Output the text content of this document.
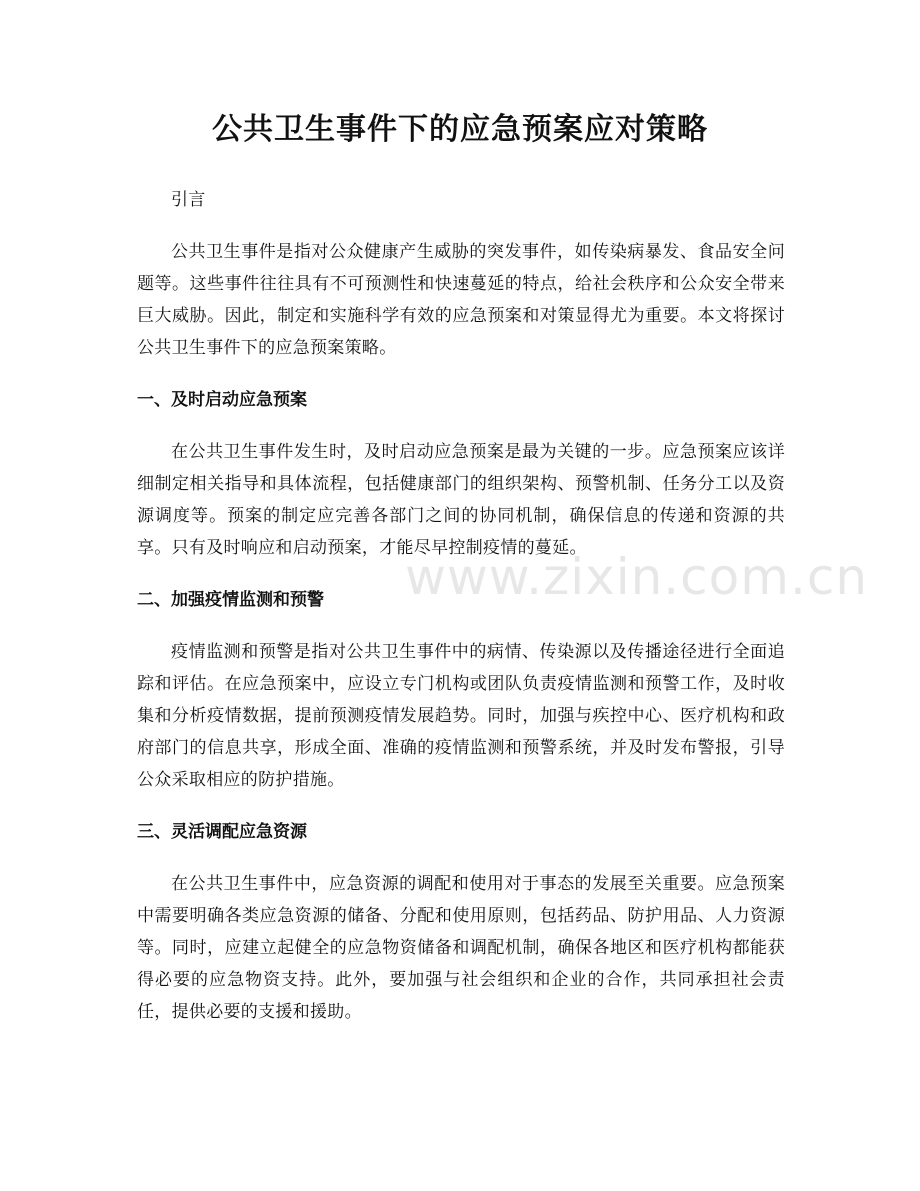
公共卫生事件下的应急预案应对策略

引言

公共卫生事件是指对公众健康产生威胁的突发事件，如传染病暴发、食品安全问题等。这些事件往往具有不可预测性和快速蔓延的特点，给社会秩序和公众安全带来巨大威胁。因此，制定和实施科学有效的应急预案和对策显得尤为重要。本文将探讨公共卫生事件下的应急预案策略。

一、及时启动应急预案

在公共卫生事件发生时，及时启动应急预案是最为关键的一步。应急预案应该详细制定相关指导和具体流程，包括健康部门的组织架构、预警机制、任务分工以及资源调度等。预案的制定应完善各部门之间的协同机制，确保信息的传递和资源的共享。只有及时响应和启动预案，才能尽早控制疫情的蔓延。

二、加强疫情监测和预警

疫情监测和预警是指对公共卫生事件中的病情、传染源以及传播途径进行全面追踪和评估。在应急预案中，应设立专门机构或团队负责疫情监测和预警工作，及时收集和分析疫情数据，提前预测疫情发展趋势。同时，加强与疾控中心、医疗机构和政府部门的信息共享，形成全面、准确的疫情监测和预警系统，并及时发布警报，引导公众采取相应的防护措施。

三、灵活调配应急资源

在公共卫生事件中，应急资源的调配和使用对于事态的发展至关重要。应急预案中需要明确各类应急资源的储备、分配和使用原则，包括药品、防护用品、人力资源等。同时，应建立起健全的应急物资储备和调配机制，确保各地区和医疗机构都能获得必要的应急物资支持。此外，要加强与社会组织和企业的合作，共同承担社会责任，提供必要的支援和援助。

www.zixin.com.cn
